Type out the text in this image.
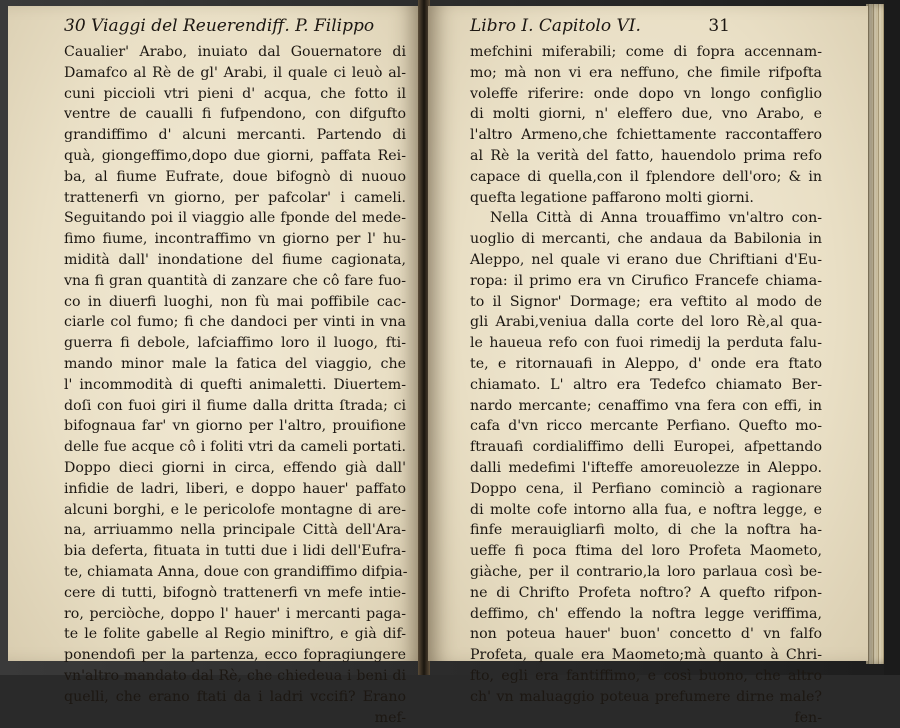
30 Viaggi del Reuerendiff. P. Filippo
Caualier' Arabo, inuiato dal Gouernatore di
Damafco al Rè de gl' Arabi, il quale ci leuò al-
cuni piccioli vtri pieni d' acqua, che fotto il
ventre de caualli fi fufpendono, con difgufto
grandiffimo d' alcuni mercanti. Partendo di
quà, giongeffimo,dopo due giorni, paffata Rei-
ba, al fiume Eufrate, doue bifognò di nuouo
trattenerfi vn giorno, per pafcolar' i cameli.
Seguitando poi il viaggio alle fponde del mede-
fimo fiume, incontraffimo vn giorno per l' hu-
midità dall' inondatione del fiume cagionata,
vna fi gran quantità di zanzare che cô fare fuo-
co in diuerfi luoghi, non fù mai poffibile cac-
ciarle col fumo; fi che dandoci per vinti in vna
guerra fi debole, lafciaffimo loro il luogo, fti-
mando minor male la fatica del viaggio, che
l' incommodità di quefti animaletti. Diuertem-
doſi con fuoi giri il fiume dalla dritta ſtrada; ci
bifognaua far' vn giorno per l'altro, prouifione
delle fue acque cô i foliti vtri da cameli portati.
Doppo dieci giorni in circa, effendo già dall'
infidie de ladri, liberi, e doppo hauer' paffato
alcuni borghi, e le pericolofe montagne di are-
na, arriuammo nella principale Città dell'Ara-
bia deferta, fituata in tutti due i lidi dell'Eufra-
te, chiamata Anna, doue con grandiffimo difpia-
cere di tutti, bifognò trattenerfi vn mefe intie-
ro, perciòche, doppo l' hauer' i mercanti paga-
te le folite gabelle al Regio miniftro, e già dif-
ponendofi per la partenza, ecco fopragiungere
vn'altro mandato dal Rè, che chiedeua i beni di
quelli, che erano ftati da i ladri vccifi? Erano
mef-
Libro I. Capitolo VI.	31
mefchini miferabili; come di fopra accennam-
mo; mà non vi era neffuno, che fimile rifpofta
voleffe riferire: onde dopo vn longo configlio
di molti giorni, n' eleffero due, vno Arabo, e
l'altro Armeno,che fchiettamente raccontaffero
al Rè la verità del fatto, hauendolo prima refo
capace di quella,con il fplendore dell'oro; & in
quefta legatione paffarono molti giorni.
Nella Città di Anna trouaffimo vn'altro con-
uoglio di mercanti, che andaua da Babilonia in
Aleppo, nel quale vi erano due Chriftiani d'Eu-
ropa: il primo era vn Cirufico Francefe chiama-
to il Signor' Dormage; era veftito al modo de
gli Arabi,veniua dalla corte del loro Rè,al qua-
le haueua refo con fuoi rimedij la perduta falu-
te, e ritornauafi in Aleppo, d' onde era ftato
chiamato. L' altro era Tedefco chiamato Ber-
nardo mercante; cenaffimo vna fera con effi, in
cafa d'vn ricco mercante Perfiano. Quefto mo-
ftrauafi cordialiffimo delli Europei, afpettando
dalli medefimi l'ifteffe amoreuolezze in Aleppo.
Doppo cena, il Perfiano cominciò a ragionare
di molte cofe intorno alla fua, e noftra legge, e
finfe merauigliarfi molto, di che la noftra ha-
ueffe fi poca ftima del loro Profeta Maometo,
giàche, per il contrario,la loro parlaua così be-
ne di Chrifto Profeta noftro? A quefto rifpon-
deffimo, ch' effendo la noftra legge veriffima,
non poteua hauer' buon' concetto d' vn falfo
Profeta, quale era Maometo;mà quanto à Chri-
fto, egli era fantiffimo, e così buono, che altro
ch' vn maluaggio poteua prefumere dirne male?
fen-
